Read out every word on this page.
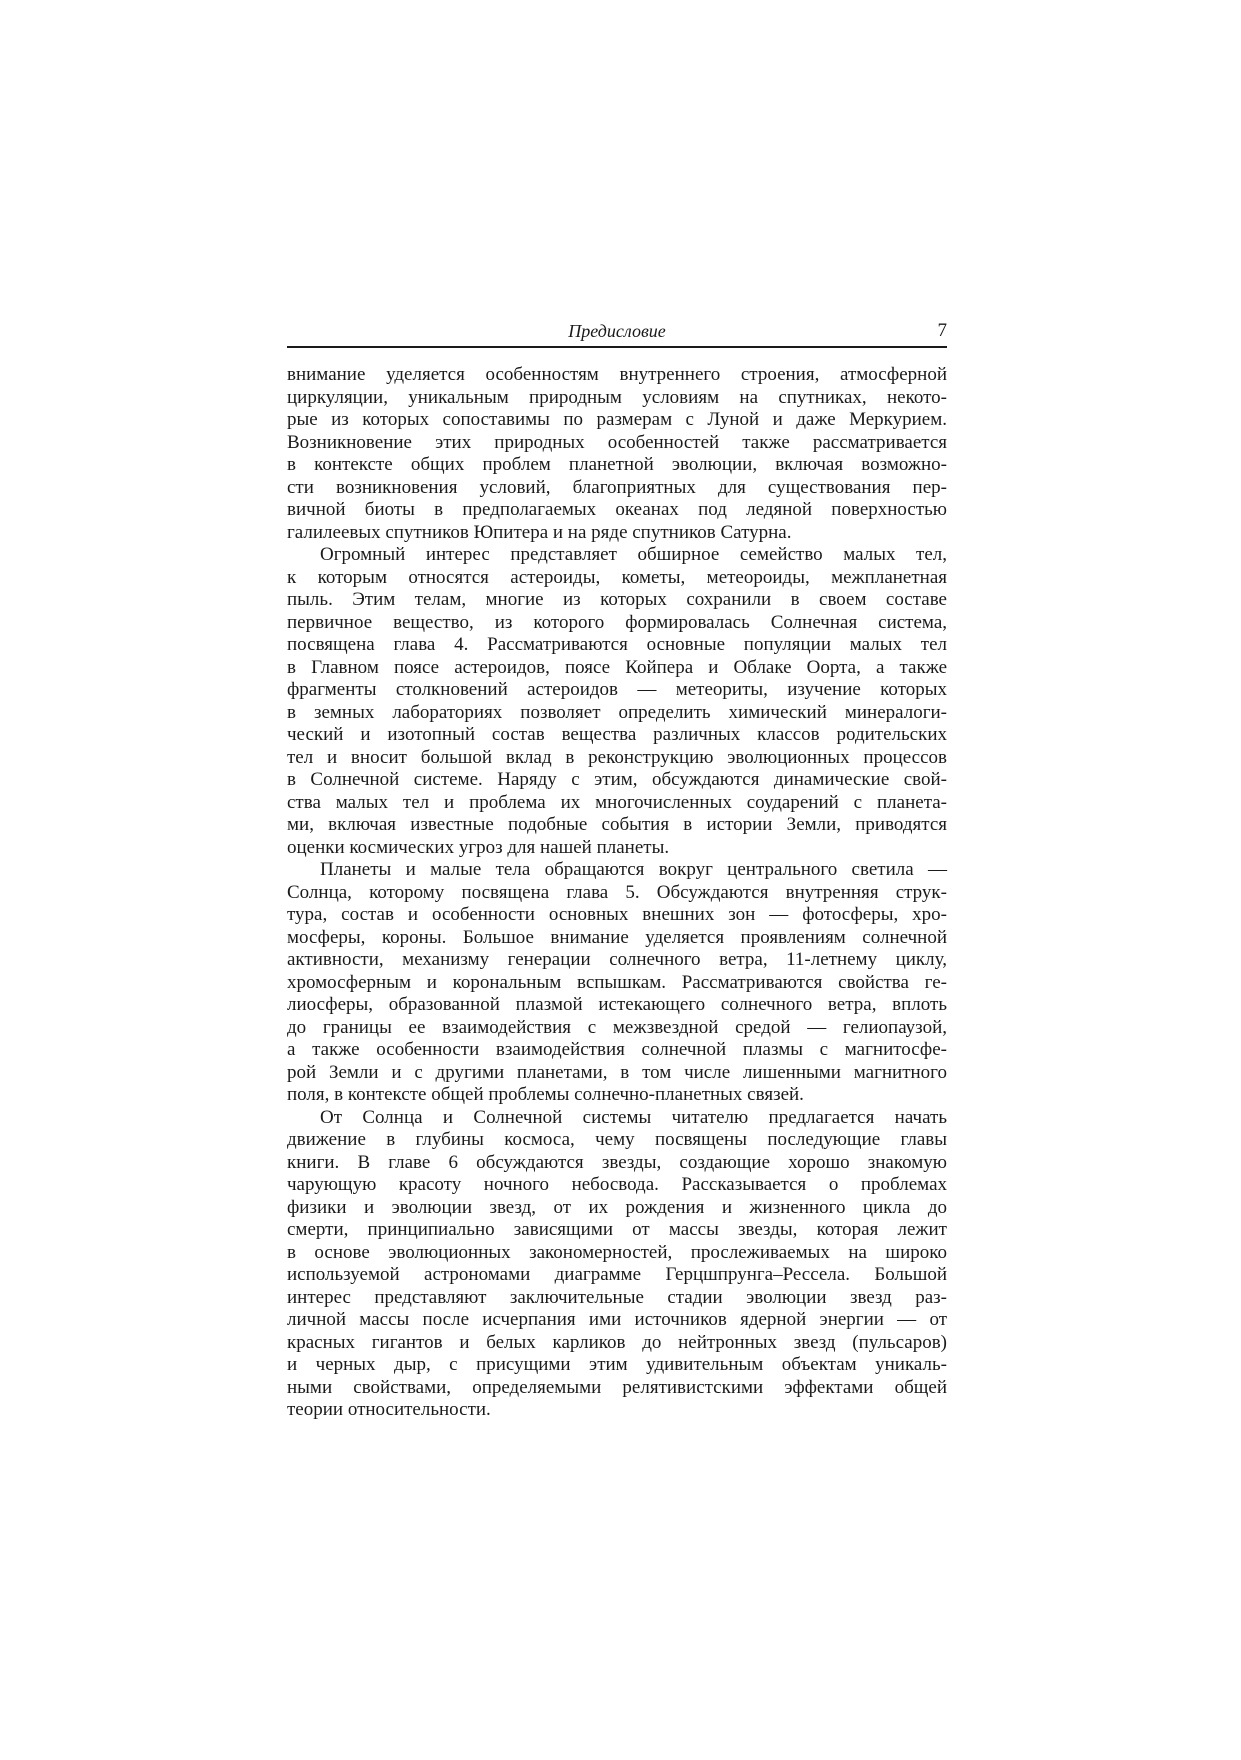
Предисловие	7
внимание уделяется особенностям внутреннего строения, атмосферной
циркуляции, уникальным природным условиям на спутниках, некото-
рые из которых сопоставимы по размерам с Луной и даже Меркурием.
Возникновение этих природных особенностей также рассматривается
в контексте общих проблем планетной эволюции, включая возможно-
сти возникновения условий, благоприятных для существования пер-
вичной биоты в предполагаемых океанах под ледяной поверхностью
галилеевых спутников Юпитера и на ряде спутников Сатурна.
Огромный интерес представляет обширное семейство малых тел,
к которым относятся астероиды, кометы, метеороиды, межпланетная
пыль. Этим телам, многие из которых сохранили в своем составе
первичное вещество, из которого формировалась Солнечная система,
посвящена глава 4. Рассматриваются основные популяции малых тел
в Главном поясе астероидов, поясе Койпера и Облаке Оорта, а также
фрагменты столкновений астероидов — метеориты, изучение которых
в земных лабораториях позволяет определить химический минералоги-
ческий и изотопный состав вещества различных классов родительских
тел и вносит большой вклад в реконструкцию эволюционных процессов
в Солнечной системе. Наряду с этим, обсуждаются динамические свой-
ства малых тел и проблема их многочисленных соударений с планета-
ми, включая известные подобные события в истории Земли, приводятся
оценки космических угроз для нашей планеты.
Планеты и малые тела обращаются вокруг центрального светила —
Солнца, которому посвящена глава 5. Обсуждаются внутренняя струк-
тура, состав и особенности основных внешних зон — фотосферы, хро-
мосферы, короны. Большое внимание уделяется проявлениям солнечной
активности, механизму генерации солнечного ветра, 11-летнему циклу,
хромосферным и корональным вспышкам. Рассматриваются свойства ге-
лиосферы, образованной плазмой истекающего солнечного ветра, вплоть
до границы ее взаимодействия с межзвездной средой — гелиопаузой,
а также особенности взаимодействия солнечной плазмы с магнитосфе-
рой Земли и с другими планетами, в том числе лишенными магнитного
поля, в контексте общей проблемы солнечно-планетных связей.
От Солнца и Солнечной системы читателю предлагается начать
движение в глубины космоса, чему посвящены последующие главы
книги. В главе 6 обсуждаются звезды, создающие хорошо знакомую
чарующую красоту ночного небосвода. Рассказывается о проблемах
физики и эволюции звезд, от их рождения и жизненного цикла до
смерти, принципиально зависящими от массы звезды, которая лежит
в основе эволюционных закономерностей, прослеживаемых на широко
используемой астрономами диаграмме Герцшпрунга–Рессела. Большой
интерес представляют заключительные стадии эволюции звезд раз-
личной массы после исчерпания ими источников ядерной энергии — от
красных гигантов и белых карликов до нейтронных звезд (пульсаров)
и черных дыр, с присущими этим удивительным объектам уникаль-
ными свойствами, определяемыми релятивистскими эффектами общей
теории относительности.
